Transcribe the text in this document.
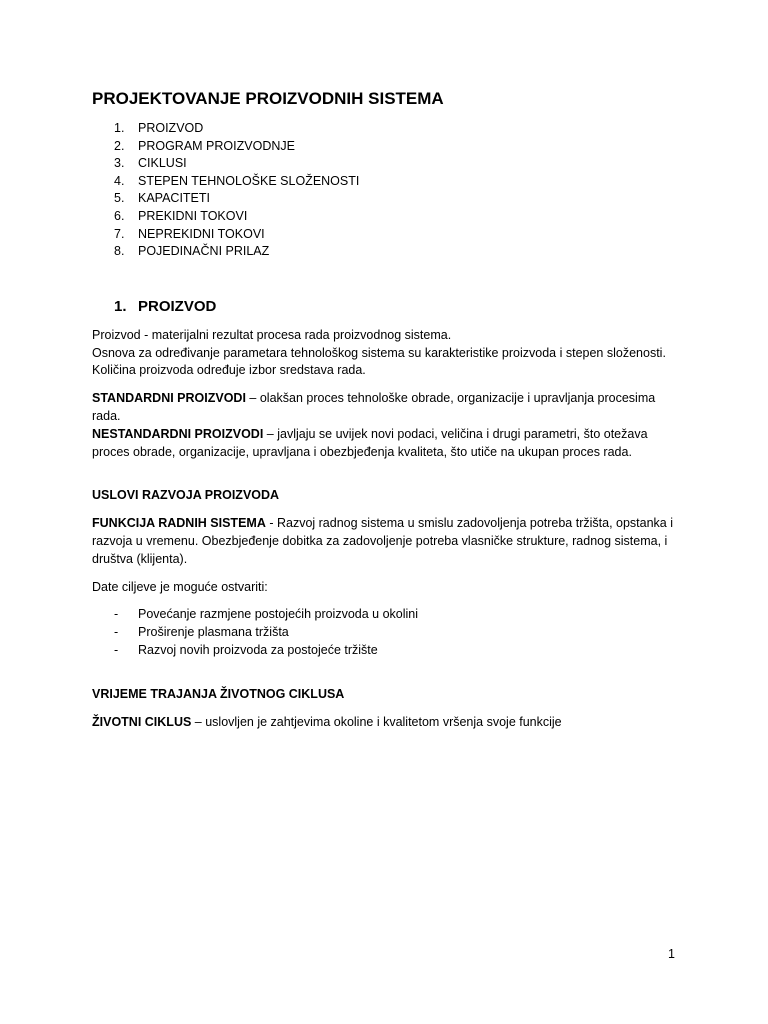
PROJEKTOVANJE PROIZVODNIH SISTEMA
1. PROIZVOD
2. PROGRAM PROIZVODNJE
3. CIKLUSI
4. STEPEN TEHNOLOŠKE SLOŽENOSTI
5. KAPACITETI
6. PREKIDNI TOKOVI
7. NEPREKIDNI TOKOVI
8. POJEDINAČNI PRILAZ
1. PROIZVOD

Proizvod - materijalni rezultat procesa rada proizvodnog sistema.

Osnova za određivanje parametara tehnološkog sistema su karakteristike proizvoda i stepen složenosti.

Količina proizvoda određuje izbor sredstava rada.

STANDARDNI PROIZVODI – olakšan proces tehnološke obrade, organizacije i upravljanja procesima rada.

NESTANDARDNI PROIZVODI – javljaju se uvijek novi podaci, veličina i drugi parametri, što otežava proces obrade, organizacije, upravljana i obezbjeđenja kvaliteta, što utiče na ukupan proces rada.

USLOVI RAZVOJA PROIZVODA

FUNKCIJA RADNIH SISTEMA - Razvoj radnog sistema u smislu zadovoljenja potreba tržišta, opstanka i razvoja u vremenu. Obezbjeđenje dobitka za zadovoljenje potreba vlasničke strukture, radnog sistema, i društva (klijenta).

Date ciljeve je moguće ostvariti:

- Povećanje razmjene postojećih proizvoda u okolini
- Proširenje plasmana tržišta
- Razvoj novih proizvoda za postojeće tržište

VRIJEME TRAJANJA ŽIVOTNOG CIKLUSA

ŽIVOTNI CIKLUS – uslovljen je zahtjevima okoline i kvalitetom vršenja svoje funkcije

1
